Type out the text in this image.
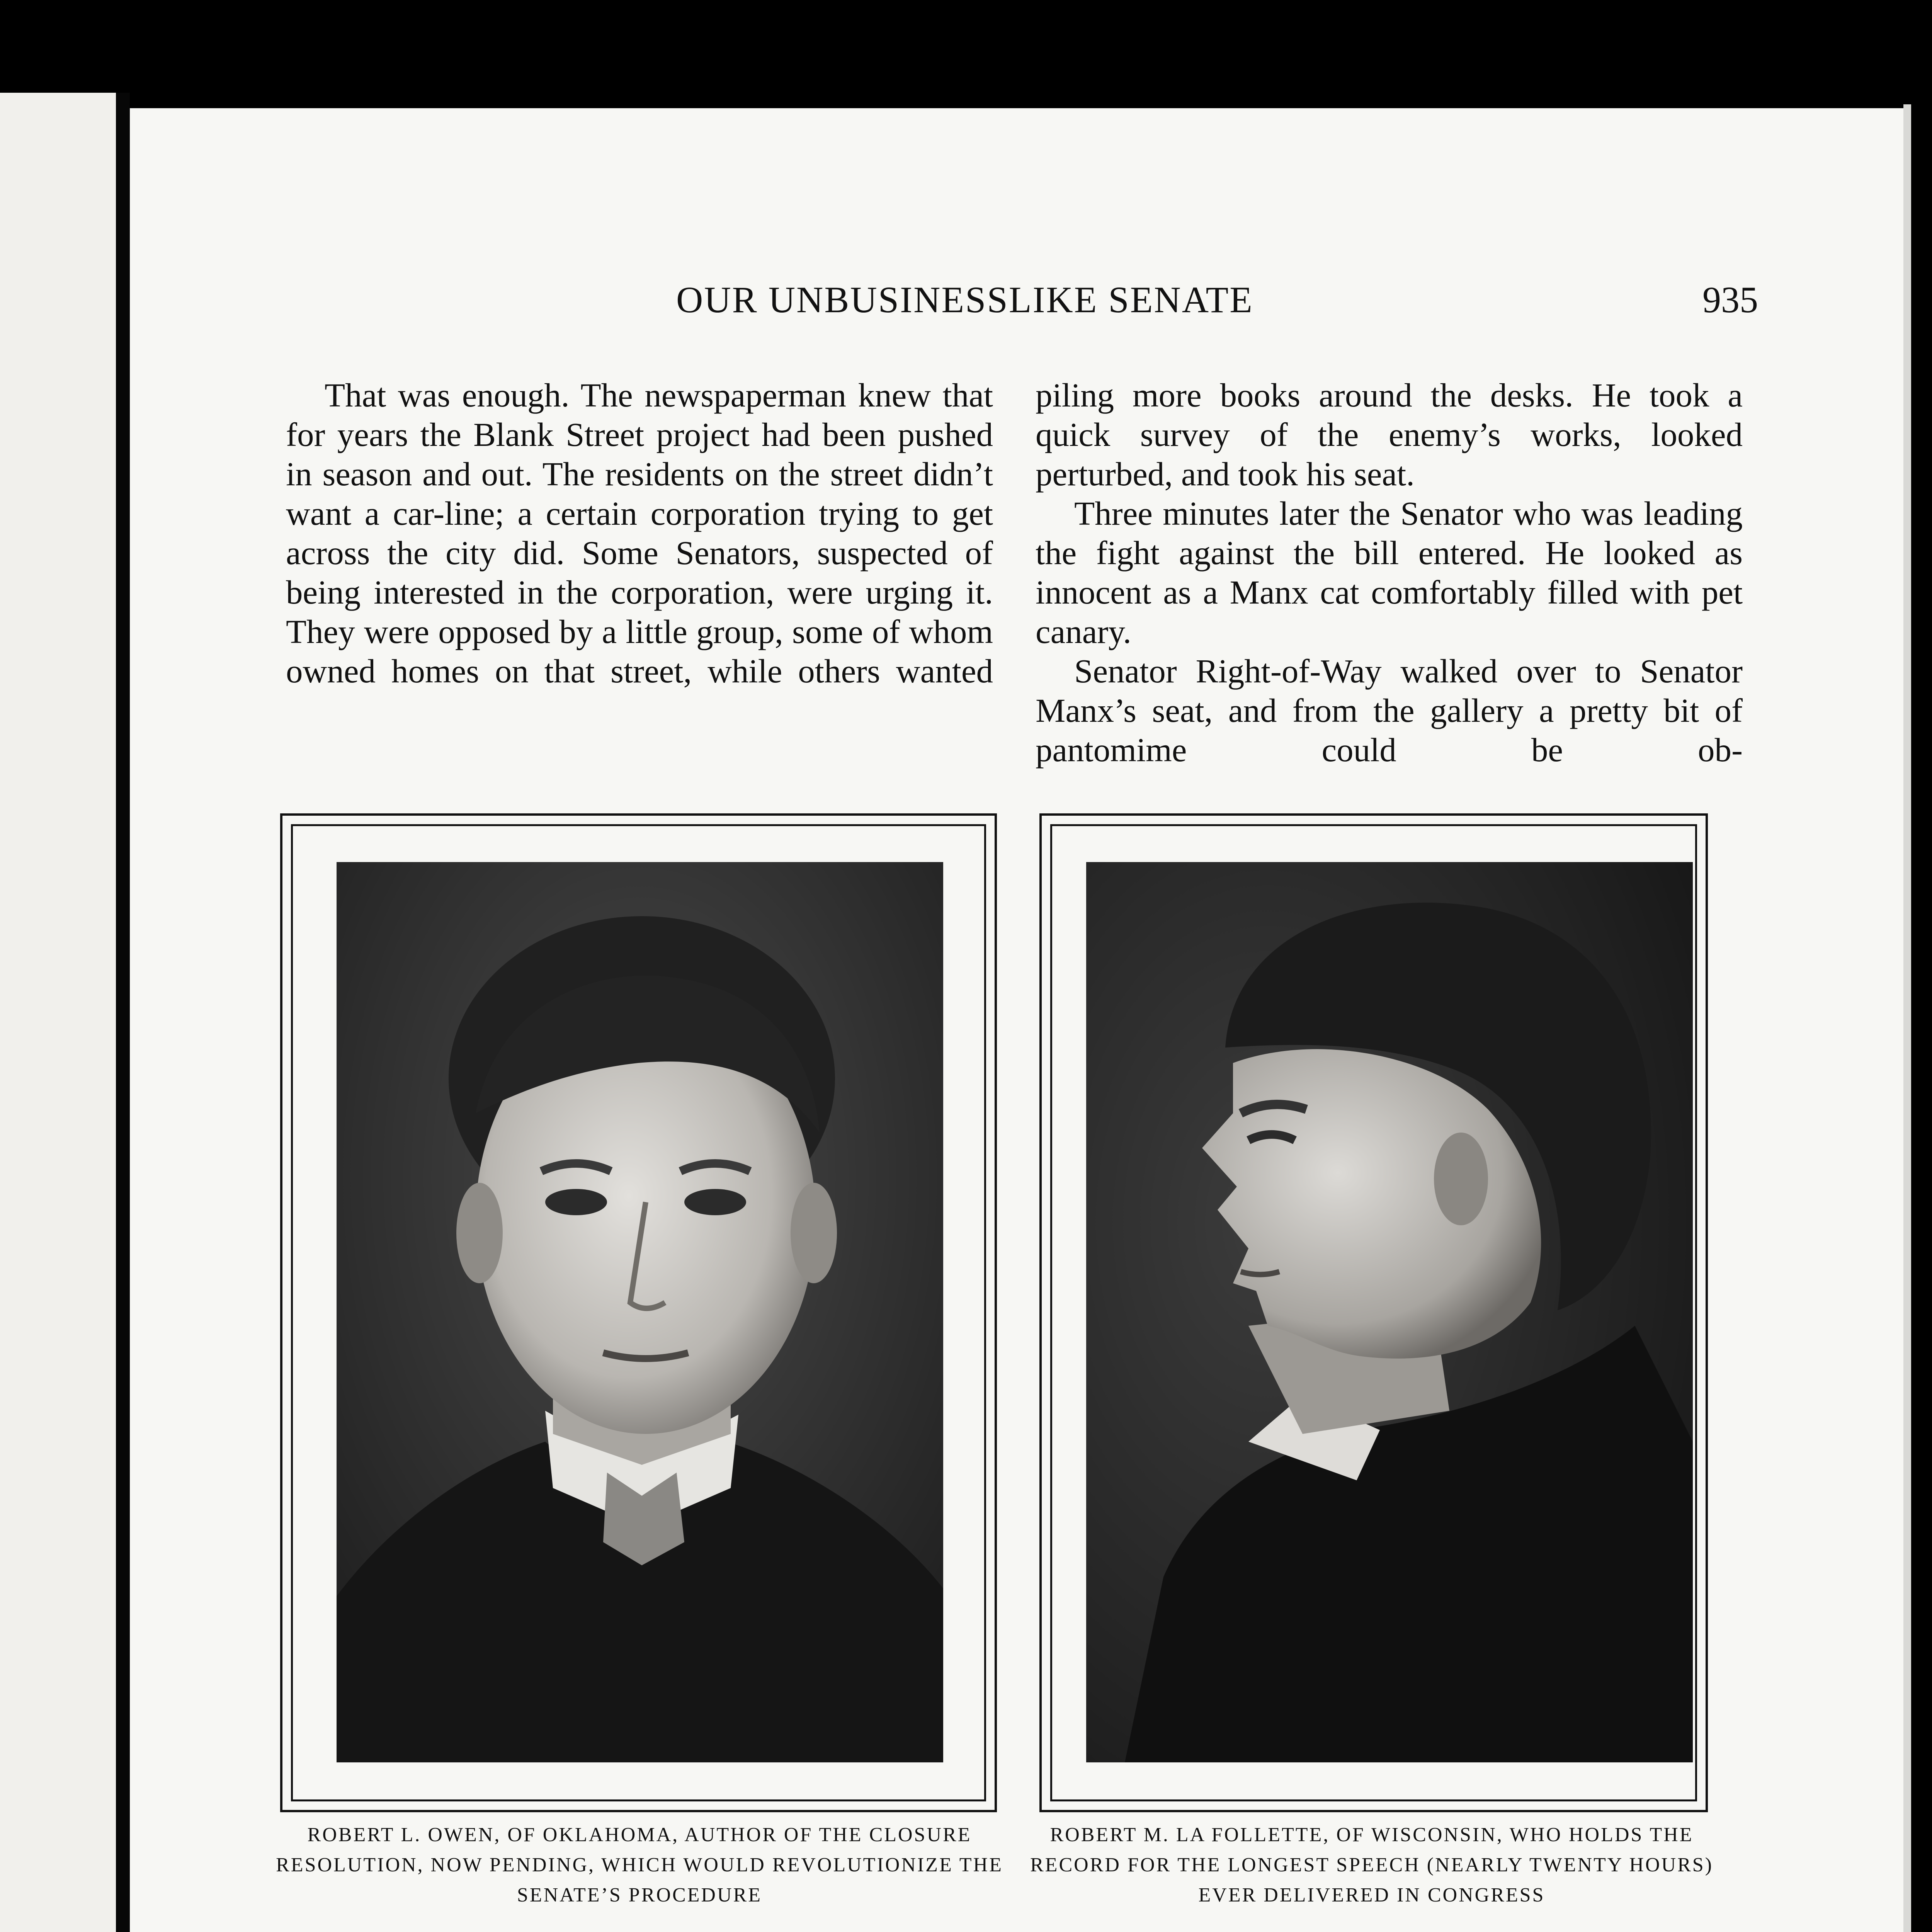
OUR UNBUSINESSLIKE SENATE	935

That was enough. The newspaperman knew that for years the Blank Street project had been pushed in season and out. The residents on the street didn’t want a car-line; a certain corporation trying to get across the city did. Some Senators, suspected of being interested in the corporation, were urging it. They were opposed by a little group, some of whom owned homes on that street, while others wanted

piling more books around the desks. He took a quick survey of the enemy’s works, looked perturbed, and took his seat.

Three minutes later the Senator who was leading the fight against the bill entered. He looked as innocent as a Manx cat comfortably filled with pet canary.

Senator Right-of-Way walked over to Senator Manx’s seat, and from the gallery a pretty bit of pantomime could be ob-

ROBERT L. OWEN, OF OKLAHOMA, AUTHOR OF THE CLOSURE RESOLUTION, NOW PENDING, WHICH WOULD REVOLUTIONIZE THE SENATE’S PROCEDURE
ROBERT M. LA FOLLETTE, OF WISCONSIN, WHO HOLDS THE RECORD FOR THE LONGEST SPEECH (NEARLY TWENTY HOURS) EVER DELIVERED IN CONGRESS
